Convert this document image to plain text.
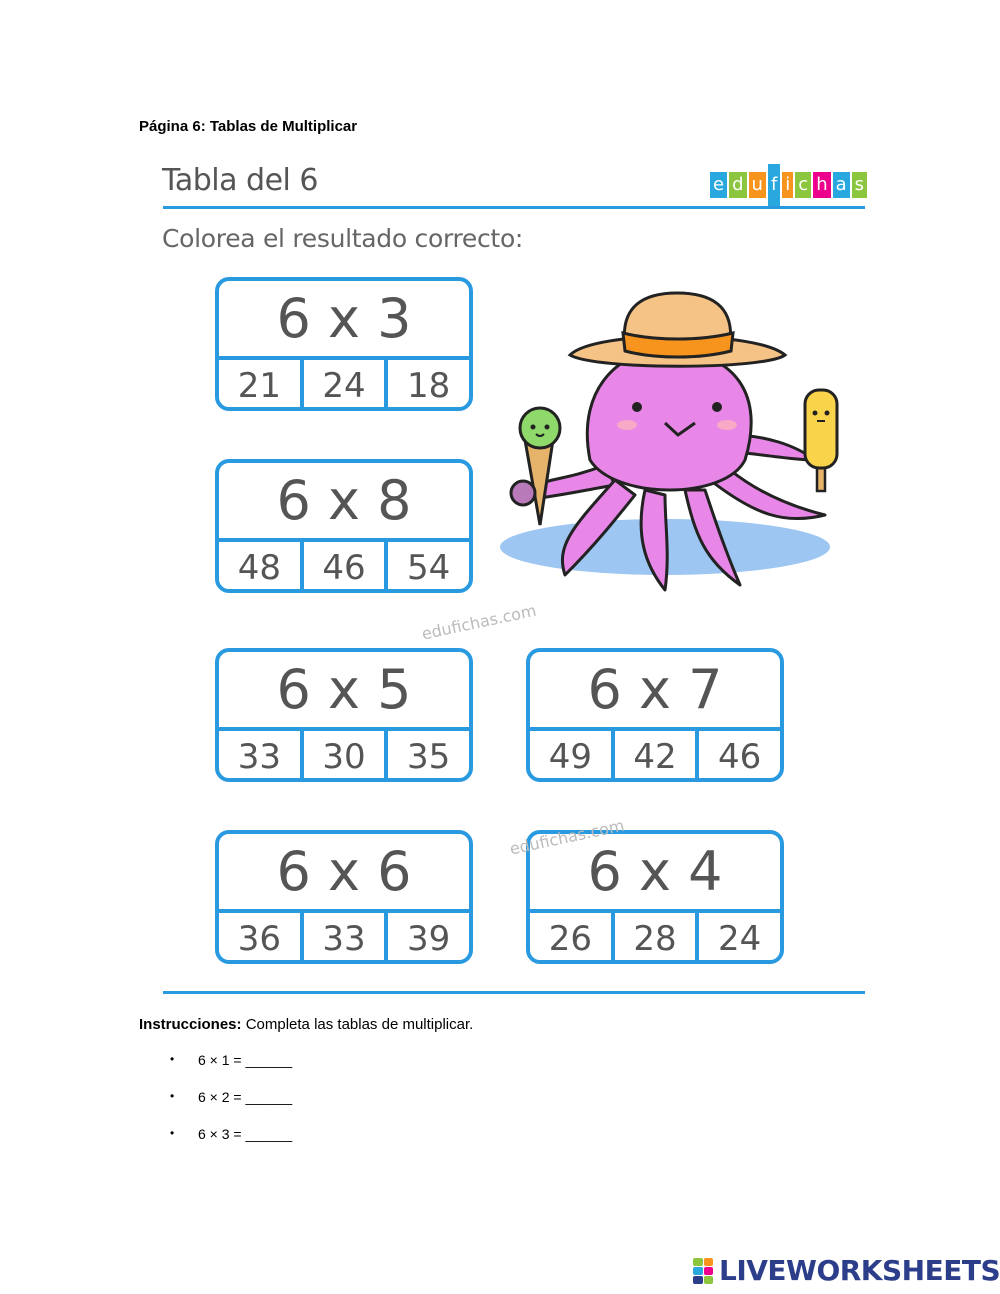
Página 6: Tablas de Multiplicar
Tabla del 6	e d u f i c h a s
Colorea el resultado correcto:
6 x 3
21	24	18
6 x 8
48	46	54
6 x 5
33	30	35
6 x 7
49	42	46
6 x 6
36	33	39
6 x 4
26	28	24
edufichas.com
edufichas.com
Instrucciones: Completa las tablas de multiplicar.
•	6 × 1 = ______
•	6 × 2 = ______
•	6 × 3 = ______
LIVEWORKSHEETS
